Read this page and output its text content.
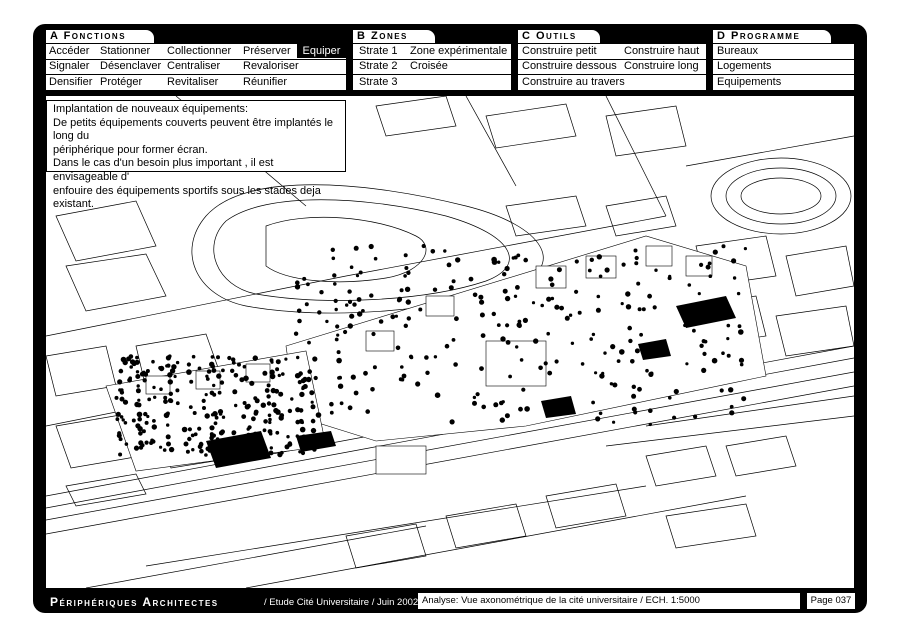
A Fonctions	B Zones	C Outils	D Programme
Accéder Stationner Collectionner Préserver	Equiper
Signaler Désenclaver Centraliser Revaloriser
Densifier Protéger Revitaliser Réunifier
Strate 1 Zone expérimentale
Strate 2 Croisée
Strate 3
Construire petit Construire haut
Construire dessous Construire long
Construire au travers
Bureaux
Logements
Equipements
Implantation de nouveaux équipements:
De petits équipements couverts peuvent être implantés le long du
périphérique pour former écran.
Dans le cas d'un besoin plus important , il est envisageable d'
enfouire des équipements sportifs sous les stades deja existant.
Périphériques Architectes	/ Etude Cité Universitaire / Juin 2002 Analyse: Vue axonométrique de la cité universitaire / ECH. 1:5000	Page 037
